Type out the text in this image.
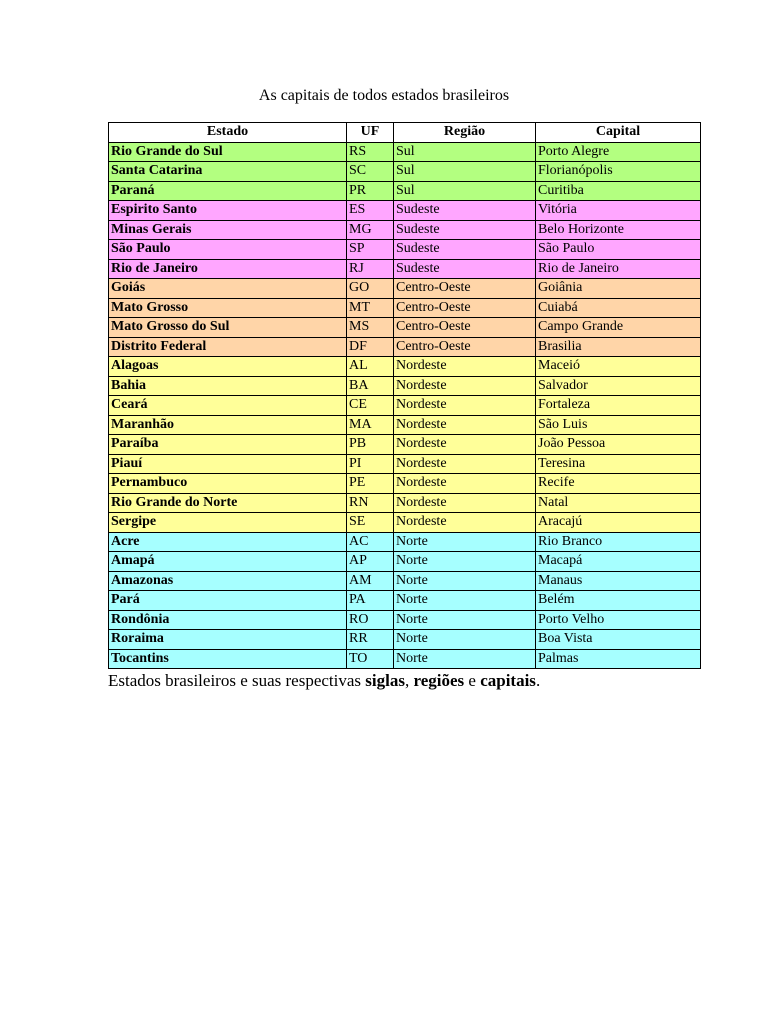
As capitais de todos estados brasileiros
Estado	UF	Região	Capital
Rio Grande do Sul	RS	Sul	Porto Alegre
Santa Catarina	SC	Sul	Florianópolis
Paraná	PR	Sul	Curitiba
Espirito Santo	ES	Sudeste	Vitória
Minas Gerais	MG	Sudeste	Belo Horizonte
São Paulo	SP	Sudeste	São Paulo
Rio de Janeiro	RJ	Sudeste	Rio de Janeiro
Goiás	GO	Centro-Oeste	Goiânia
Mato Grosso	MT	Centro-Oeste	Cuiabá
Mato Grosso do Sul	MS	Centro-Oeste	Campo Grande
Distrito Federal	DF	Centro-Oeste	Brasilia
Alagoas	AL	Nordeste	Maceió
Bahia	BA	Nordeste	Salvador
Ceará	CE	Nordeste	Fortaleza
Maranhão	MA	Nordeste	São Luis
Paraíba	PB	Nordeste	João Pessoa
Piauí	PI	Nordeste	Teresina
Pernambuco	PE	Nordeste	Recife
Rio Grande do Norte	RN	Nordeste	Natal
Sergipe	SE	Nordeste	Aracajú
Acre	AC	Norte	Rio Branco
Amapá	AP	Norte	Macapá
Amazonas	AM	Norte	Manaus
Pará	PA	Norte	Belém
Rondônia	RO	Norte	Porto Velho
Roraima	RR	Norte	Boa Vista
Tocantins	TO	Norte	Palmas
Estados brasileiros e suas respectivas siglas, regiões e capitais.
